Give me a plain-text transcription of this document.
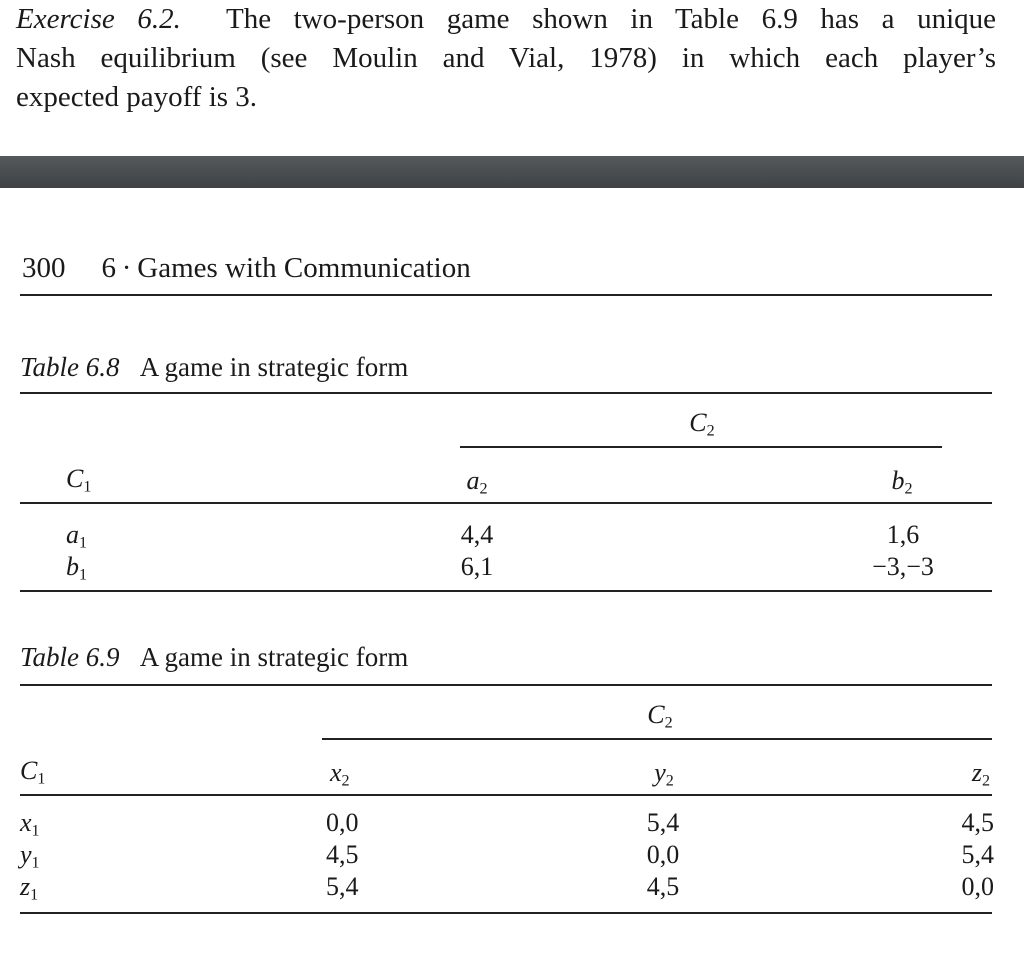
Exercise 6.2. The two-person game shown in Table 6.9 has a unique
Nash equilibrium (see Moulin and Vial, 1978) in which each player’s
expected payoff is 3.
300 6 · Games with Communication
Table 6.8 A game in strategic form
$C_2$
$C_1$	$a_2$	$b_2$
$a_1$	4,4	1,6
$b_1$	6,1	−3,−3
Table 6.9 A game in strategic form
$C_2$
$C_1$	$x_2$	$y_2$	$z_2$
$x_1$	0,0	5,4	4,5
$y_1$	4,5	0,0	5,4
$z_1$	5,4	4,5	0,0
